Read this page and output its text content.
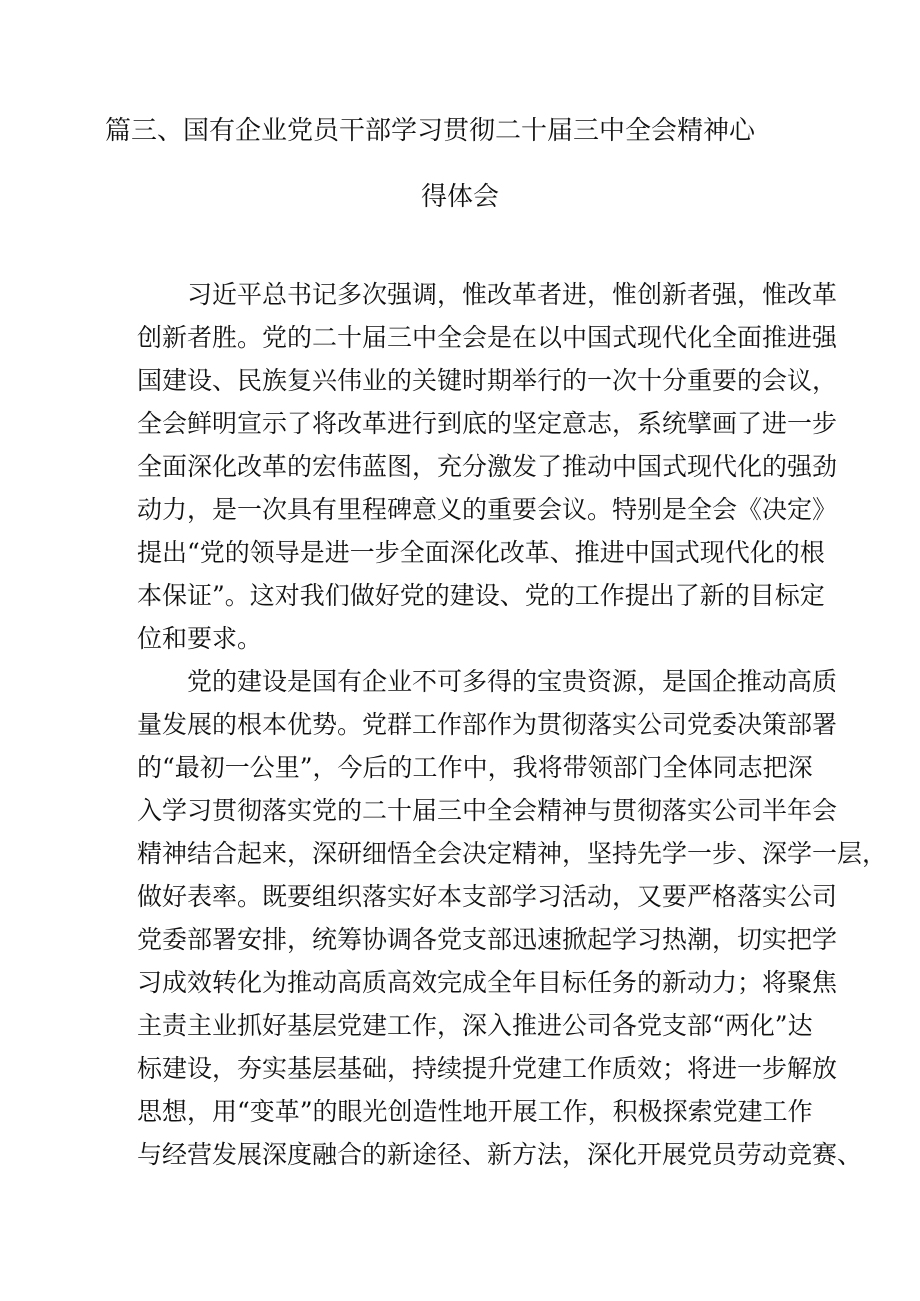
篇三、国有企业党员干部学习贯彻二十届三中全会精神心
得体会
习近平总书记多次强调，惟改革者进，惟创新者强，惟改革
创新者胜。党的二十届三中全会是在以中国式现代化全面推进强
国建设、民族复兴伟业的关键时期举行的一次十分重要的会议，
全会鲜明宣示了将改革进行到底的坚定意志，系统擘画了进一步
全面深化改革的宏伟蓝图，充分激发了推动中国式现代化的强劲
动力，是一次具有里程碑意义的重要会议。特别是全会《决定》
提出“党的领导是进一步全面深化改革、推进中国式现代化的根
本保证”。这对我们做好党的建设、党的工作提出了新的目标定
位和要求。
党的建设是国有企业不可多得的宝贵资源，是国企推动高质
量发展的根本优势。党群工作部作为贯彻落实公司党委决策部署
的“最初一公里”，今后的工作中，我将带领部门全体同志把深
入学习贯彻落实党的二十届三中全会精神与贯彻落实公司半年会
精神结合起来，深研细悟全会决定精神，坚持先学一步、深学一层，
做好表率。既要组织落实好本支部学习活动，又要严格落实公司
党委部署安排，统筹协调各党支部迅速掀起学习热潮，切实把学
习成效转化为推动高质高效完成全年目标任务的新动力；将聚焦
主责主业抓好基层党建工作，深入推进公司各党支部“两化”达
标建设，夯实基层基础，持续提升党建工作质效；将进一步解放
思想，用“变革”的眼光创造性地开展工作，积极探索党建工作
与经营发展深度融合的新途径、新方法，深化开展党员劳动竞赛、
